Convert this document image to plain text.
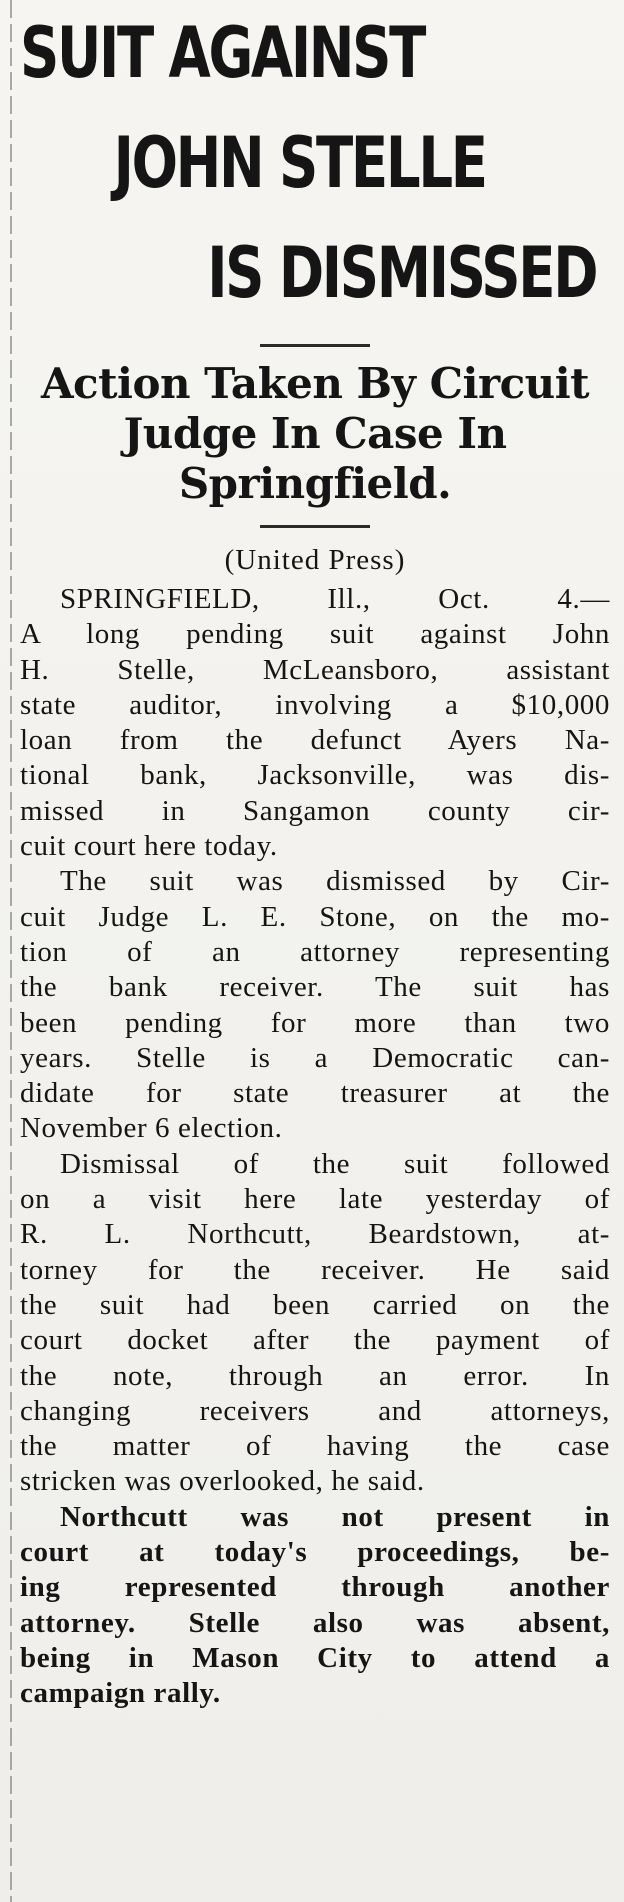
SUIT AGAINST
JOHN STELLE
IS DISMISSED
Action Taken By Circuit
Judge In Case In
Springfield.

(United Press)

SPRINGFIELD, Ill., Oct. 4.—
A long pending suit against John
H. Stelle, McLeansboro, assistant
state auditor, involving a $10,000
loan from the defunct Ayers Na-
tional bank, Jacksonville, was dis-
missed in Sangamon county cir-
cuit court here today.

The suit was dismissed by Cir-
cuit Judge L. E. Stone, on the mo-
tion of an attorney representing
the bank receiver. The suit has
been pending for more than two
years. Stelle is a Democratic can-
didate for state treasurer at the
November 6 election.

Dismissal of the suit followed
on a visit here late yesterday of
R. L. Northcutt, Beardstown, at-
torney for the receiver. He said
the suit had been carried on the
court docket after the payment of
the note, through an error. In
changing receivers and attorneys,
the matter of having the case
stricken was overlooked, he said.

Northcutt was not present in
court at today's proceedings, be-
ing represented through another
attorney. Stelle also was absent,
being in Mason City to attend a
campaign rally.
